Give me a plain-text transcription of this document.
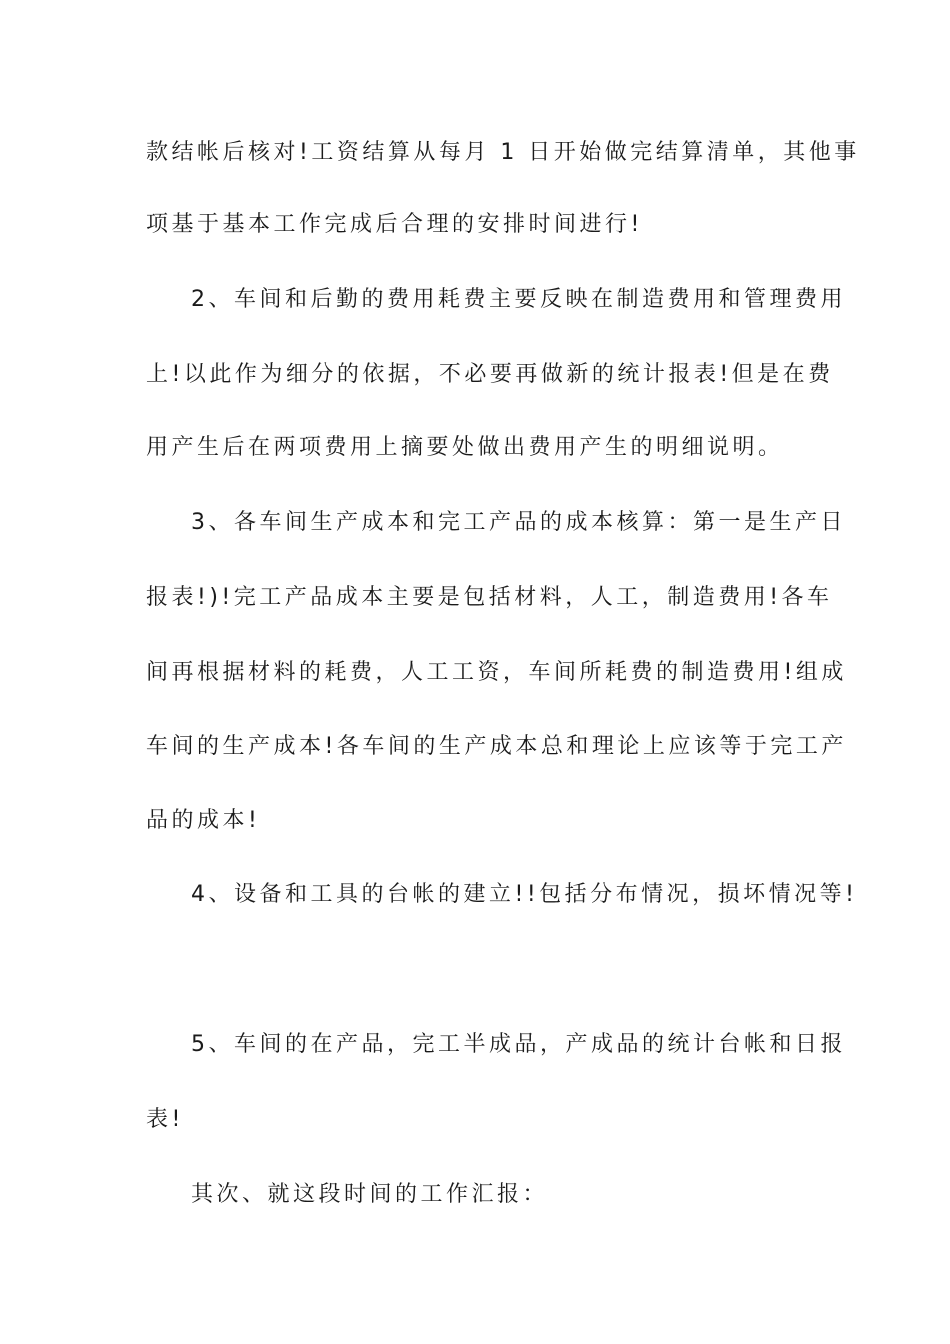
款结帐后核对!工资结算从每月 1 日开始做完结算清单，其他事
项基于基本工作完成后合理的安排时间进行!
2、车间和后勤的费用耗费主要反映在制造费用和管理费用
上!以此作为细分的依据，不必要再做新的统计报表!但是在费
用产生后在两项费用上摘要处做出费用产生的明细说明。
3、各车间生产成本和完工产品的成本核算：第一是生产日
报表!)!完工产品成本主要是包括材料，人工，制造费用!各车
间再根据材料的耗费，人工工资，车间所耗费的制造费用!组成
车间的生产成本!各车间的生产成本总和理论上应该等于完工产
品的成本!
4、设备和工具的台帐的建立!!包括分布情况，损坏情况等!
5、车间的在产品，完工半成品，产成品的统计台帐和日报
表!
其次、就这段时间的工作汇报：
